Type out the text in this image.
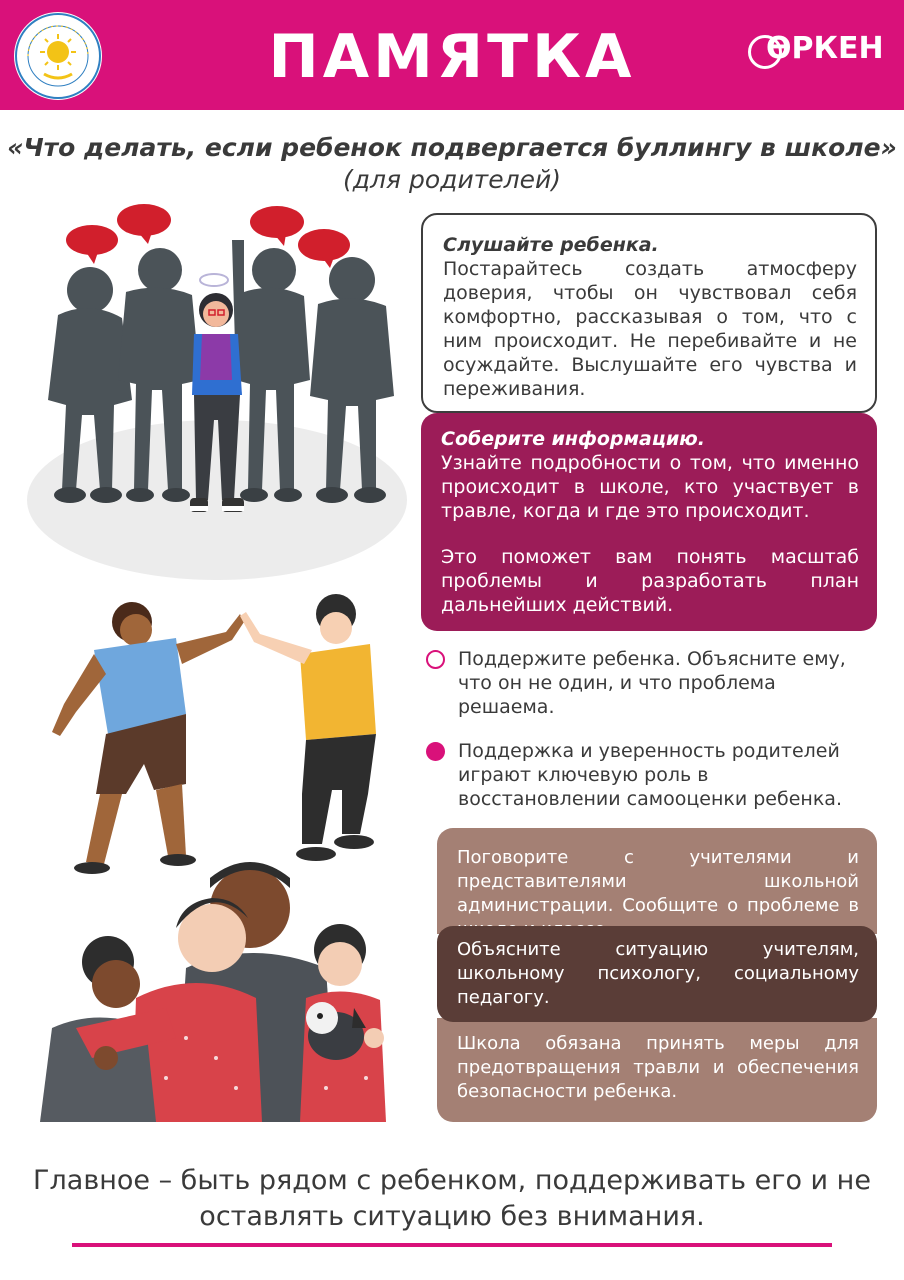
ПАМЯТКА	ӨРКЕН
«Что делать, если ребенок подвергается буллингу в школе»
(для родителей)
Слушайте ребенка.
Постарайтесь создать атмосферу доверия, чтобы он чувствовал себя комфортно, рассказывая о том, что с ним происходит. Не перебивайте и не осуждайте. Выслушайте его чувства и переживания.
Соберите информацию.
Узнайте подробности о том, что именно происходит в школе, кто участвует в травле, когда и где это происходит.
Это поможет вам понять масштаб проблемы и разработать план дальнейших действий.
Поддержите ребенка. Объясните ему, что он не один, и что проблема решаема.
Поддержка и уверенность родителей играют ключевую роль в восстановлении самооценки ребенка.
Поговорите с учителями и представителями школьной администрации. Сообщите о проблеме в
Школа обязана принять меры для предотвращения травли и обеспечения безопасности ребенка.
Объясните ситуацию учителям, школьному психологу, социальному педагогу.
Главное – быть рядом с ребенком, поддерживать его и не оставлять ситуацию без внимания.
